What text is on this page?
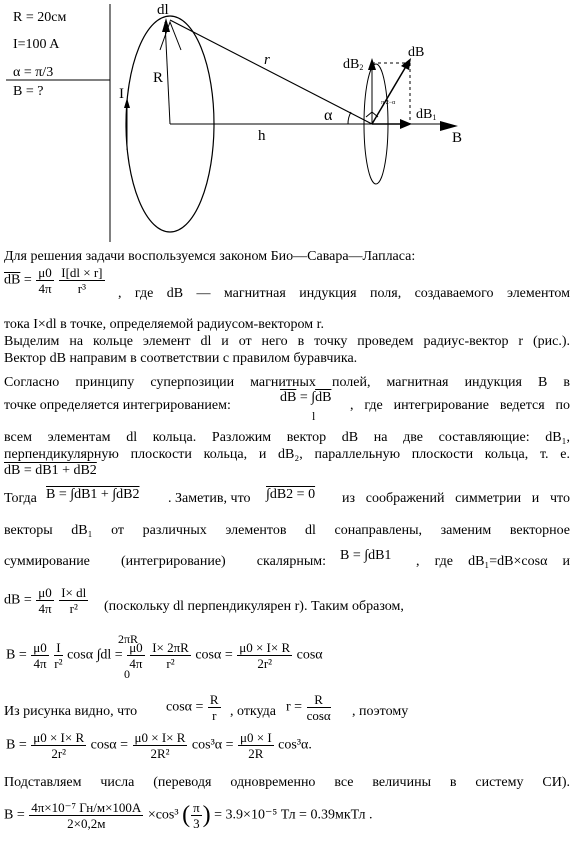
R = 20см
I=100 A
α = π/3
B = ?
dl
R
I
r
h
α
dB2
dB
dB1
B
π/2−α
Для решения задачи воспользуемся законом Био—Савара—Лапласа:
$\overline{dB} = \frac{\mu 0}{4\pi}$
$\frac{I[dl \times r]}{\text{r³}}$ , где dB — магнитная индукция поля, создаваемого элементом
тока I×dl в точке, определяемой радиусом-вектором r.
Выделим на кольце элемент dl и от него в точку проведем радиус-вектор r (рис.).
Вектор dB направим в соответствии с правилом буравчика.
Согласно принципу суперпозиции магнитных полей, магнитная индукция B в
точке определяется интегрированием:
$\overline{dB} = \int\overline{dB}$
l
, где интегрирование ведется по
всем элементам dl кольца. Разложим вектор dB на две составляющие: dB₁,
перпендикулярную плоскости кольца, и dB₂, параллельную плоскости кольца, т. е.
dB = dB1 + dB2
Тогда B = ∫dB1 + ∫dB2 . Заметив, что ∫dB2 = 0 из соображений симметрии и что
векторы dB₁ от различных элементов dl сонаправлены, заменим векторное
суммирование (интегрирование) скалярным: B = ∫dB1 , где dB₁=dB×cosα и
dB = $\frac{\mu 0}{4\pi}$
$\frac{I\times dl}{\text{r²}}$ (поскольку dl перпендикулярен r). Таким образом,
$B = \frac{\mu 0}{4\pi}$
$\frac{I}{\text{r²}}$ cosα $\int dl = \frac{\mu 0}{4\pi}$
$\frac{I\times 2\pi R}{\text{r²}}$ $\cos\alpha = \frac{\mu 0 \times I\times R}{\text{2r²}}$ cosα
2πR
0
Из рисунка видно, что $\cos\alpha = \frac{R}{r}$ , откуда $r = \frac{R}{\cos\alpha}$ , поэтому
$B = \frac{\mu 0 \times I\times R}{\text{2r²}}$ $\cos\alpha = \frac{\mu 0 \times I\times R}{\text{2R²}} \cos^3\alpha = \frac{\mu 0 \times I}{2R} \cos^3\alpha$.
Подставляем числа (переводя одновременно все величины в систему СИ).
$B = \frac{\text{4π×10⁻⁷ Гн/м×100А}}{2\times 0,2м} \times\cos^3$ ( $\frac{\pi}{3}$ ) = 3.9×10⁻⁵ Тл = 0.39мкТл .
